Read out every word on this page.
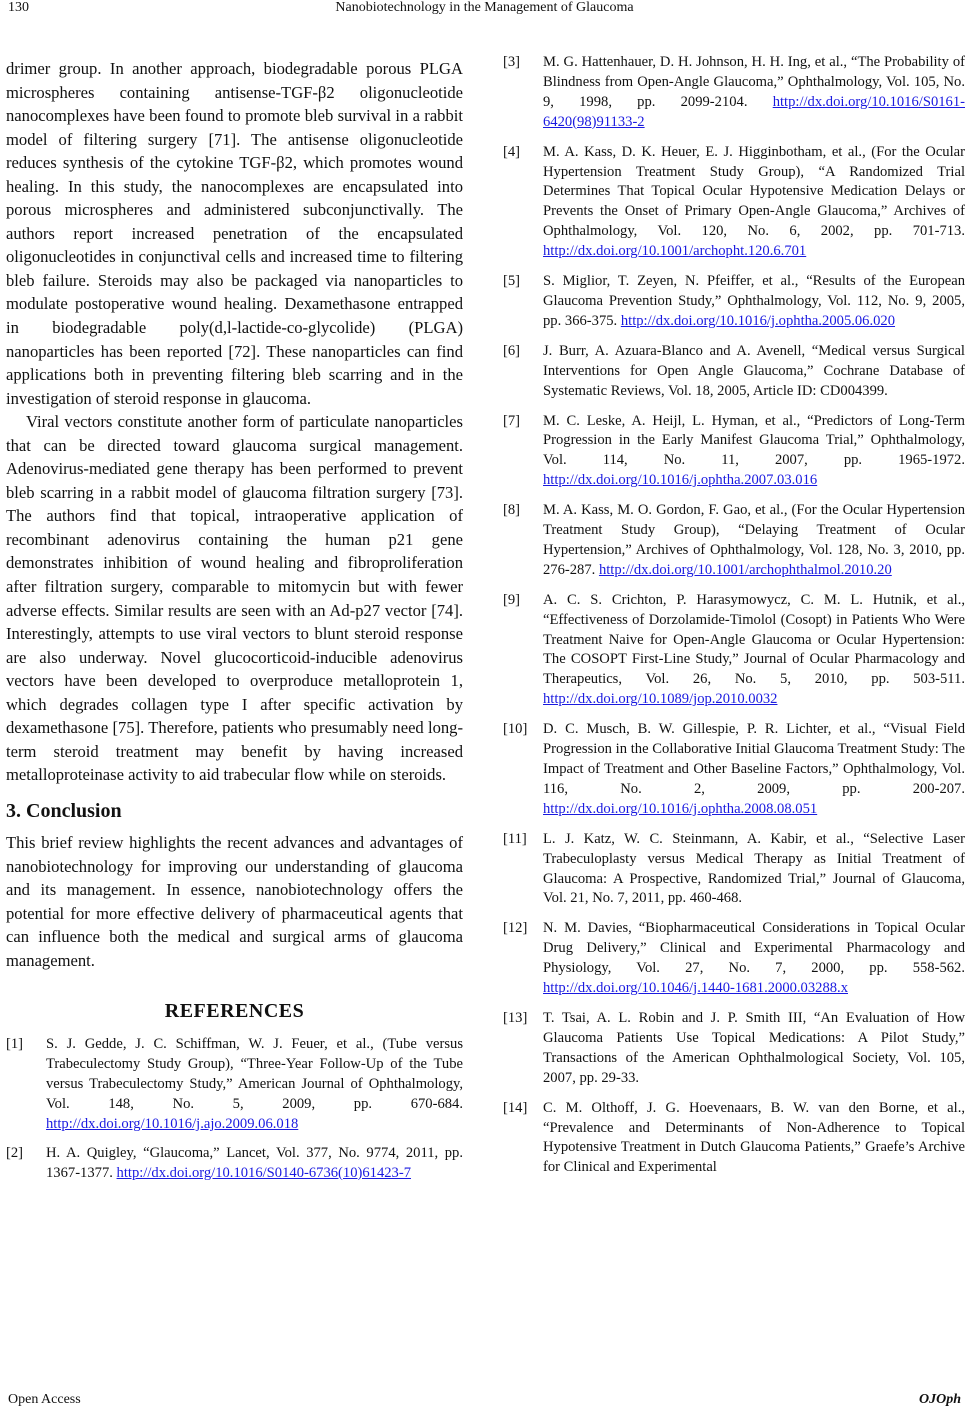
130	Nanobiotechnology in the Management of Glaucoma

drimer group. In another approach, biodegradable porous PLGA microspheres containing antisense-TGF-β2 oligonucleotide nanocomplexes have been found to promote bleb survival in a rabbit model of filtering surgery [71]. The antisense oligonucleotide reduces synthesis of the cytokine TGF-β2, which promotes wound healing. In this study, the nanocomplexes are encapsulated into porous microspheres and administered subconjunctivally. The authors report increased penetration of the encapsulated oligonucleotides in conjunctival cells and increased time to filtering bleb failure. Steroids may also be packaged via nanoparticles to modulate postoperative wound healing. Dexamethasone entrapped in biodegradable poly(d,l-lactide-co-glycolide) (PLGA) nanoparticles has been reported [72]. These nanoparticles can find applications both in preventing filtering bleb scarring and in the investigation of steroid response in glaucoma.

Viral vectors constitute another form of particulate nanoparticles that can be directed toward glaucoma surgical management. Adenovirus-mediated gene therapy has been performed to prevent bleb scarring in a rabbit model of glaucoma filtration surgery [73]. The authors find that topical, intraoperative application of recombinant adenovirus containing the human p21 gene demonstrates inhibition of wound healing and fibroproliferation after filtration surgery, comparable to mitomycin but with fewer adverse effects. Similar results are seen with an Ad-p27 vector [74]. Interestingly, attempts to use viral vectors to blunt steroid response are also underway. Novel glucocorticoid-inducible adenovirus vectors have been developed to overproduce metalloprotein 1, which degrades collagen type I after specific activation by dexamethasone [75]. Therefore, patients who presumably need long-term steroid treatment may benefit by having increased metalloproteinase activity to aid trabecular flow while on steroids.

3. Conclusion

This brief review highlights the recent advances and advantages of nanobiotechnology for improving our understanding of glaucoma and its management. In essence, nanobiotechnology offers the potential for more effective delivery of pharmaceutical agents that can influence both the medical and surgical arms of glaucoma management.

REFERENCES
[1]	S. J. Gedde, J. C. Schiffman, W. J. Feuer, et al., (Tube versus Trabeculectomy Study Group), “Three-Year Follow-Up of the Tube versus Trabeculectomy Study,” American Journal of Ophthalmology, Vol. 148, No. 5, 2009, pp. 670-684. http://dx.doi.org/10.1016/j.ajo.2009.06.018
[2]	H. A. Quigley, “Glaucoma,” Lancet, Vol. 377, No. 9774, 2011, pp. 1367-1377. http://dx.doi.org/10.1016/S0140-6736(10)61423-7
[3]	M. G. Hattenhauer, D. H. Johnson, H. H. Ing, et al., “The Probability of Blindness from Open-Angle Glaucoma,” Ophthalmology, Vol. 105, No. 9, 1998, pp. 2099-2104. http://dx.doi.org/10.1016/S0161-6420(98)91133-2
[4]	M. A. Kass, D. K. Heuer, E. J. Higginbotham, et al., (For the Ocular Hypertension Treatment Study Group), “A Randomized Trial Determines That Topical Ocular Hypotensive Medication Delays or Prevents the Onset of Primary Open-Angle Glaucoma,” Archives of Ophthalmology, Vol. 120, No. 6, 2002, pp. 701-713. http://dx.doi.org/10.1001/archopht.120.6.701
[5]	S. Miglior, T. Zeyen, N. Pfeiffer, et al., “Results of the European Glaucoma Prevention Study,” Ophthalmology, Vol. 112, No. 9, 2005, pp. 366-375. http://dx.doi.org/10.1016/j.ophtha.2005.06.020
[6]	J. Burr, A. Azuara-Blanco and A. Avenell, “Medical versus Surgical Interventions for Open Angle Glaucoma,” Cochrane Database of Systematic Reviews, Vol. 18, 2005, Article ID: CD004399.
[7]	M. C. Leske, A. Heijl, L. Hyman, et al., “Predictors of Long-Term Progression in the Early Manifest Glaucoma Trial,” Ophthalmology, Vol. 114, No. 11, 2007, pp. 1965-1972. http://dx.doi.org/10.1016/j.ophtha.2007.03.016
[8]	M. A. Kass, M. O. Gordon, F. Gao, et al., (For the Ocular Hypertension Treatment Study Group), “Delaying Treatment of Ocular Hypertension,” Archives of Ophthalmology, Vol. 128, No. 3, 2010, pp. 276-287. http://dx.doi.org/10.1001/archophthalmol.2010.20
[9]	A. C. S. Crichton, P. Harasymowycz, C. M. L. Hutnik, et al., “Effectiveness of Dorzolamide-Timolol (Cosopt) in Patients Who Were Treatment Naive for Open-Angle Glaucoma or Ocular Hypertension: The COSOPT First-Line Study,” Journal of Ocular Pharmacology and Therapeutics, Vol. 26, No. 5, 2010, pp. 503-511. http://dx.doi.org/10.1089/jop.2010.0032
[10]	D. C. Musch, B. W. Gillespie, P. R. Lichter, et al., “Visual Field Progression in the Collaborative Initial Glaucoma Treatment Study: The Impact of Treatment and Other Baseline Factors,” Ophthalmology, Vol. 116, No. 2, 2009, pp. 200-207. http://dx.doi.org/10.1016/j.ophtha.2008.08.051
[11]	L. J. Katz, W. C. Steinmann, A. Kabir, et al., “Selective Laser Trabeculoplasty versus Medical Therapy as Initial Treatment of Glaucoma: A Prospective, Randomized Trial,” Journal of Glaucoma, Vol. 21, No. 7, 2011, pp. 460-468.
[12]	N. M. Davies, “Biopharmaceutical Considerations in Topical Ocular Drug Delivery,” Clinical and Experimental Pharmacology and Physiology, Vol. 27, No. 7, 2000, pp. 558-562. http://dx.doi.org/10.1046/j.1440-1681.2000.03288.x
[13]	T. Tsai, A. L. Robin and J. P. Smith III, “An Evaluation of How Glaucoma Patients Use Topical Medications: A Pilot Study,” Transactions of the American Ophthalmological Society, Vol. 105, 2007, pp. 29-33.
[14]	C. M. Olthoff, J. G. Hoevenaars, B. W. van den Borne, et al., “Prevalence and Determinants of Non-Adherence to Topical Hypotensive Treatment in Dutch Glaucoma Patients,” Graefe’s Archive for Clinical and Experimental
Open Access	OJOph
